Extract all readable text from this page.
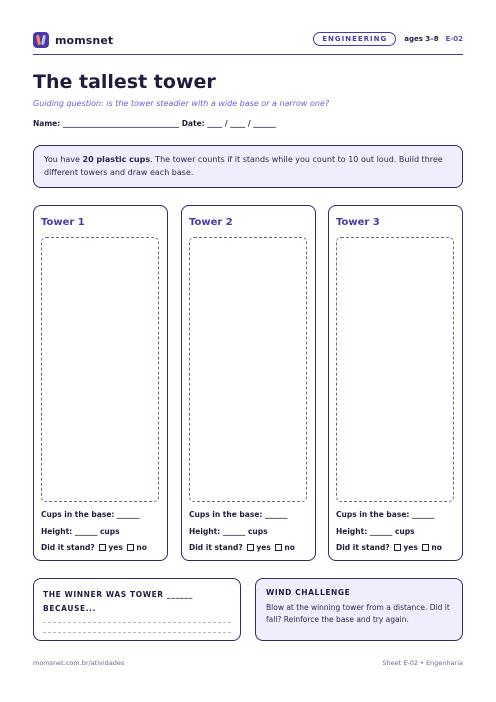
momsnet	ENGINEERING	ages 3–8 E-02
The tallest tower
Guiding question: is the tower steadier with a wide base or a narrow one?
Name: _______________________________ Date: ____ / ____ / ______
You have 20 plastic cups. The tower counts if it stands while you count to 10 out loud. Build three different towers and draw each base.
Tower 1
Cups in the base: ______
Height: ______ cups
Did it stand? yes no
Tower 2
Cups in the base: ______
Height: ______ cups
Did it stand? yes no
Tower 3
Cups in the base: ______
Height: ______ cups
Did it stand? yes no
THE WINNER WAS TOWER ______
BECAUSE...
WIND CHALLENGE
Blow at the winning tower from a distance. Did it fall? Reinforce the base and try again.
momsnet.com.br/atividades	Sheet E-02 • Engenharia
